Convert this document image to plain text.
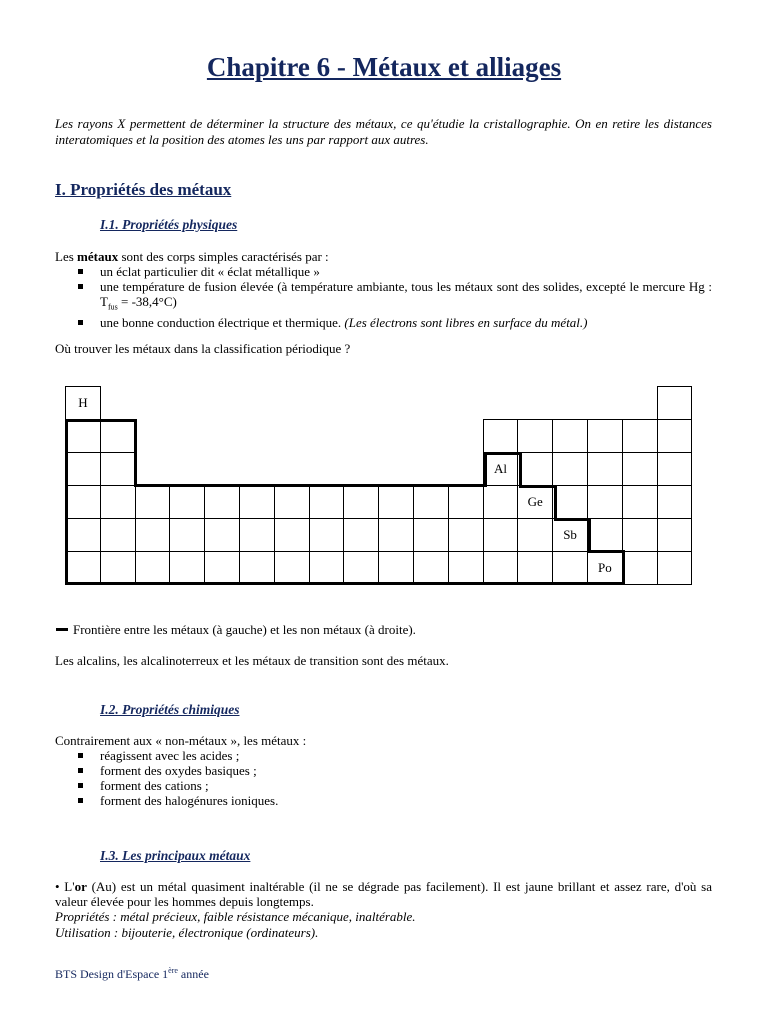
Chapitre 6 - Métaux et alliages
Les rayons X permettent de déterminer la structure des métaux, ce qu'étudie la cristallographie. On en retire les distances interatomiques et la position des atomes les uns par rapport aux autres.
I. Propriétés des métaux
I.1. Propriétés physiques
Les métaux sont des corps simples caractérisés par :
un éclat particulier dit « éclat métallique »
une température de fusion élevée (à température ambiante, tous les métaux sont des solides, excepté le mercure Hg : $T_{fus} = -38,4^\circ C$)
une bonne conduction électrique et thermique. (Les électrons sont libres en surface du métal.)
Où trouver les métaux dans la classification périodique ?
H																	

												Al					
													Ge				
														Sb			
															Po		
Frontière entre les métaux (à gauche) et les non métaux (à droite).
Les alcalins, les alcalinoterreux et les métaux de transition sont des métaux.
I.2. Propriétés chimiques
Contrairement aux « non-métaux », les métaux :
réagissent avec les acides ;
forment des oxydes basiques ;
forment des cations ;
forment des halogénures ioniques.
I.3. Les principaux métaux
• L'or (Au) est un métal quasiment inaltérable (il ne se dégrade pas facilement). Il est jaune brillant et assez rare, d'où sa valeur élevée pour les hommes depuis longtemps.
Propriétés : métal précieux, faible résistance mécanique, inaltérable.
Utilisation : bijouterie, électronique (ordinateurs).
BTS Design d'Espace 1ère année
